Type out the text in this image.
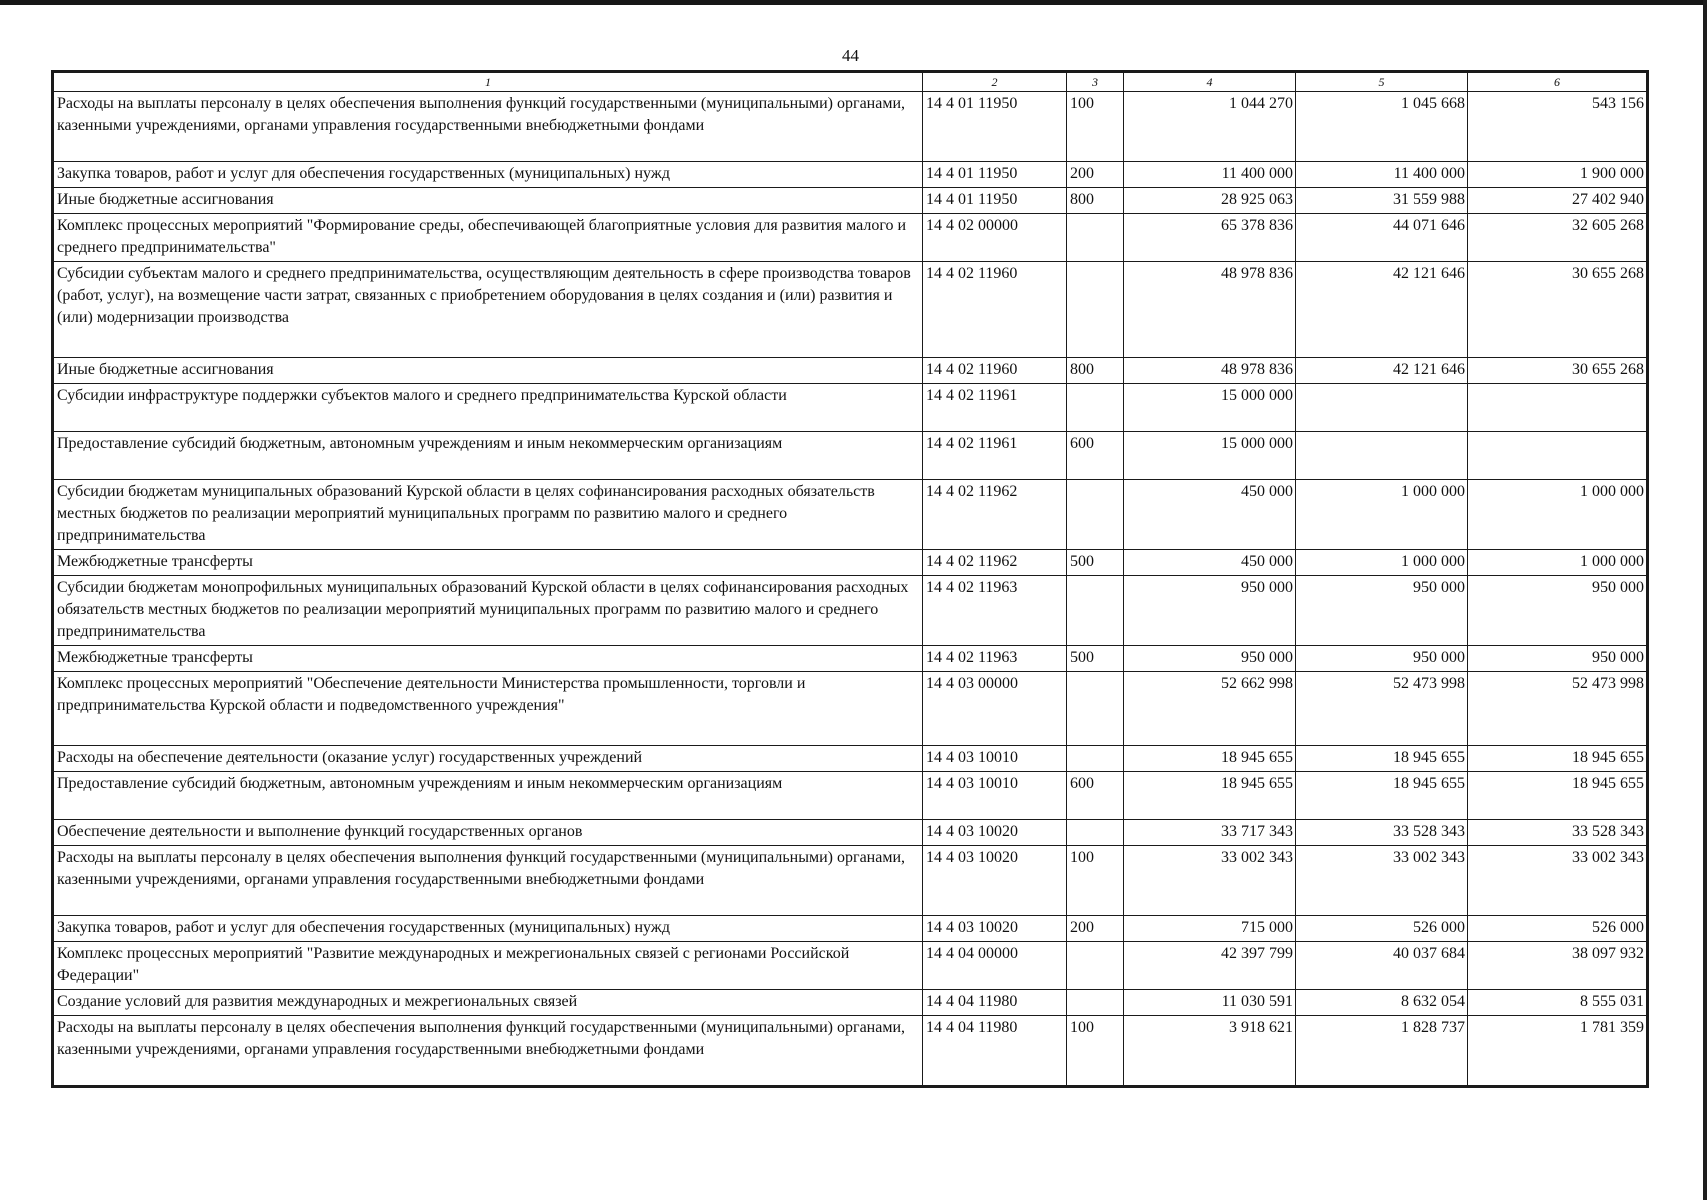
44
1	2	3	4	5	6
Расходы на выплаты персоналу в целях обеспечения выполнения функций государственными (муниципальными) органами, казенными учреждениями, органами управления государственными внебюджетными фондами	14 4 01 11950	100	1 044 270	1 045 668	543 156
Закупка товаров, работ и услуг для обеспечения государственных (муниципальных) нужд	14 4 01 11950	200	11 400 000	11 400 000	1 900 000
Иные бюджетные ассигнования	14 4 01 11950	800	28 925 063	31 559 988	27 402 940
Комплекс процессных мероприятий "Формирование среды, обеспечивающей благоприятные условия для развития малого и среднего предпринимательства"	14 4 02 00000		65 378 836	44 071 646	32 605 268
Субсидии субъектам малого и среднего предпринимательства, осуществляющим деятельность в сфере производства товаров (работ, услуг), на возмещение части затрат, связанных с приобретением оборудования в целях создания и (или) развития и (или) модернизации производства	14 4 02 11960		48 978 836	42 121 646	30 655 268
Иные бюджетные ассигнования	14 4 02 11960	800	48 978 836	42 121 646	30 655 268
Субсидии инфраструктуре поддержки субъектов малого и среднего предпринимательства Курской области	14 4 02 11961		15 000 000		
Предоставление субсидий бюджетным, автономным учреждениям и иным некоммерческим организациям	14 4 02 11961	600	15 000 000		
Субсидии бюджетам муниципальных образований Курской области в целях софинансирования расходных обязательств местных бюджетов по реализации мероприятий муниципальных программ по развитию малого и среднего предпринимательства	14 4 02 11962		450 000	1 000 000	1 000 000
Межбюджетные трансферты	14 4 02 11962	500	450 000	1 000 000	1 000 000
Субсидии бюджетам монопрофильных муниципальных образований Курской области в целях софинансирования расходных обязательств местных бюджетов по реализации мероприятий муниципальных программ по развитию малого и среднего предпринимательства	14 4 02 11963		950 000	950 000	950 000
Межбюджетные трансферты	14 4 02 11963	500	950 000	950 000	950 000
Комплекс процессных мероприятий "Обеспечение деятельности Министерства промышленности, торговли и предпринимательства Курской области и подведомственного учреждения"	14 4 03 00000		52 662 998	52 473 998	52 473 998
Расходы на обеспечение деятельности (оказание услуг) государственных учреждений	14 4 03 10010		18 945 655	18 945 655	18 945 655
Предоставление субсидий бюджетным, автономным учреждениям и иным некоммерческим организациям	14 4 03 10010	600	18 945 655	18 945 655	18 945 655
Обеспечение деятельности и выполнение функций государственных органов	14 4 03 10020		33 717 343	33 528 343	33 528 343
Расходы на выплаты персоналу в целях обеспечения выполнения функций государственными (муниципальными) органами, казенными учреждениями, органами управления государственными внебюджетными фондами	14 4 03 10020	100	33 002 343	33 002 343	33 002 343
Закупка товаров, работ и услуг для обеспечения государственных (муниципальных) нужд	14 4 03 10020	200	715 000	526 000	526 000
Комплекс процессных мероприятий "Развитие международных и межрегиональных связей с регионами Российской Федерации"	14 4 04 00000		42 397 799	40 037 684	38 097 932
Создание условий для развития международных и межрегиональных связей	14 4 04 11980		11 030 591	8 632 054	8 555 031
Расходы на выплаты персоналу в целях обеспечения выполнения функций государственными (муниципальными) органами, казенными учреждениями, органами управления государственными внебюджетными фондами	14 4 04 11980	100	3 918 621	1 828 737	1 781 359
